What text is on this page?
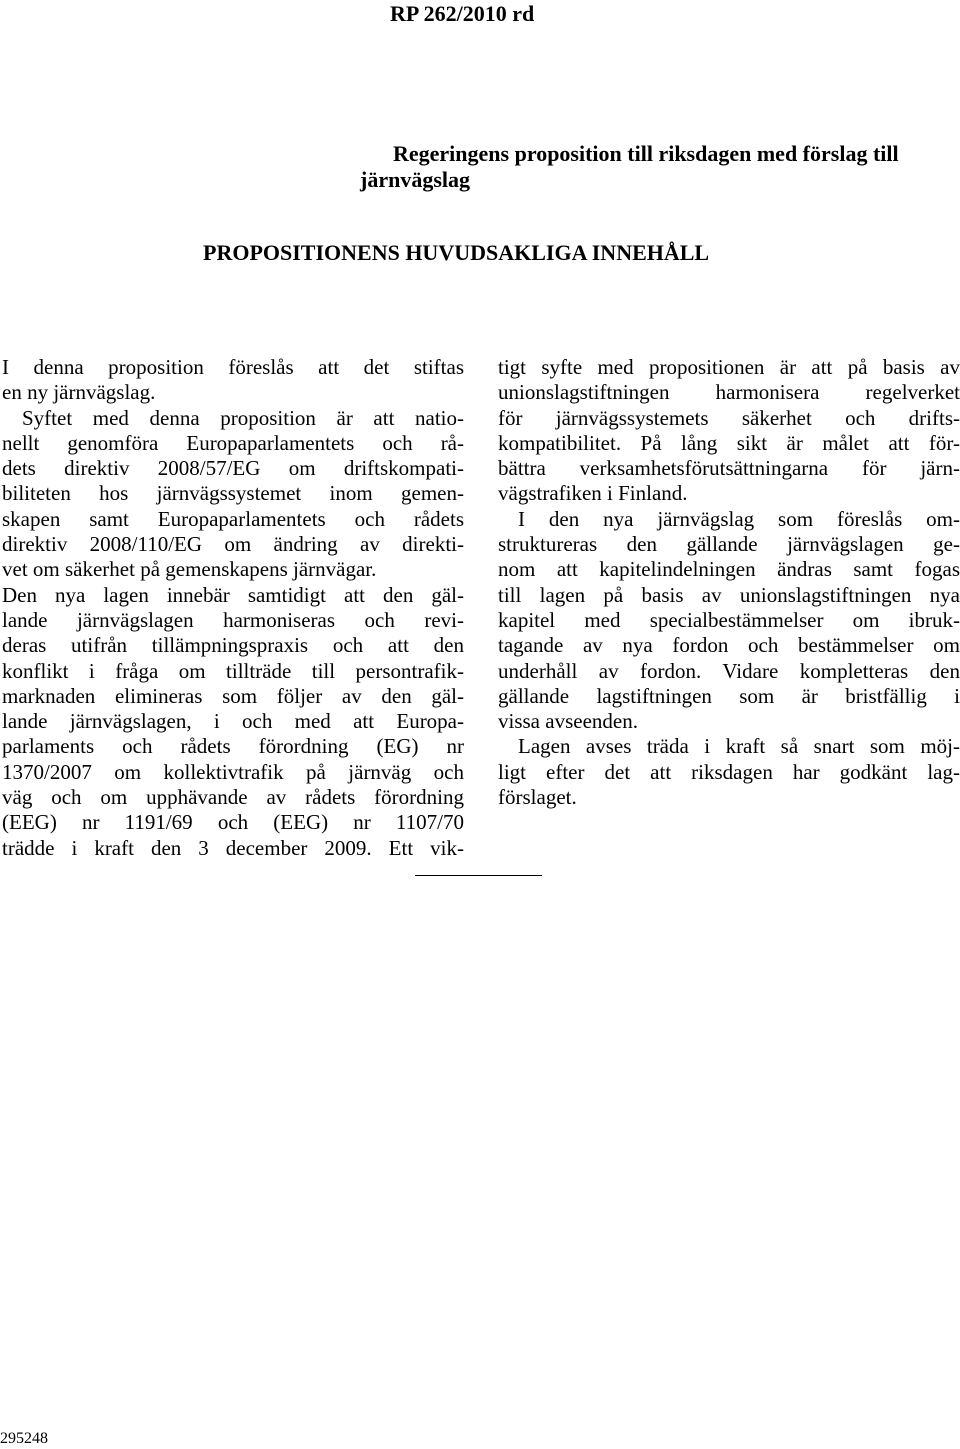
RP 262/2010 rd
Regeringens proposition till riksdagen med förslag till
järnvägslag
PROPOSITIONENS HUVUDSAKLIGA INNEHÅLL
I denna proposition föreslås att det stiftas
en ny järnvägslag.
Syftet med denna proposition är att natio-
nellt genomföra Europaparlamentets och rå-
dets direktiv 2008/57/EG om driftskompati-
biliteten hos järnvägssystemet inom gemen-
skapen samt Europaparlamentets och rådets
direktiv 2008/110/EG om ändring av direkti-
vet om säkerhet på gemenskapens järnvägar.
Den nya lagen innebär samtidigt att den gäl-
lande järnvägslagen harmoniseras och revi-
deras utifrån tillämpningspraxis och att den
konflikt i fråga om tillträde till persontrafik-
marknaden elimineras som följer av den gäl-
lande järnvägslagen, i och med att Europa-
parlaments och rådets förordning (EG) nr
1370/2007 om kollektivtrafik på järnväg och
väg och om upphävande av rådets förordning
(EEG) nr 1191/69 och (EEG) nr 1107/70
trädde i kraft den 3 december 2009. Ett vik-
tigt syfte med propositionen är att på basis av
unionslagstiftningen harmonisera regelverket
för järnvägssystemets säkerhet och drifts-
kompatibilitet. På lång sikt är målet att för-
bättra verksamhetsförutsättningarna för järn-
vägstrafiken i Finland.
I den nya järnvägslag som föreslås om-
struktureras den gällande järnvägslagen ge-
nom att kapitelindelningen ändras samt fogas
till lagen på basis av unionslagstiftningen nya
kapitel med specialbestämmelser om ibruk-
tagande av nya fordon och bestämmelser om
underhåll av fordon. Vidare kompletteras den
gällande lagstiftningen som är bristfällig i
vissa avseenden.
Lagen avses träda i kraft så snart som möj-
ligt efter det att riksdagen har godkänt lag-
förslaget.
295248
